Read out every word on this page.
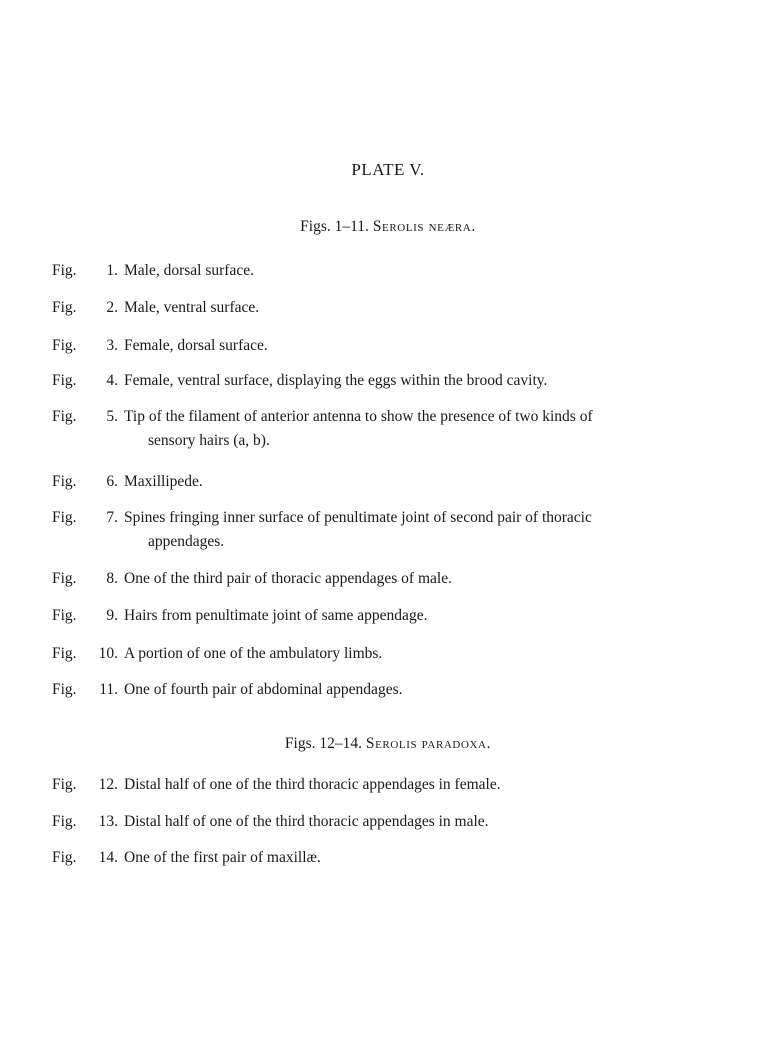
PLATE V.
Figs. 1–11. Serolis neæra.
Fig. 1. Male, dorsal surface.
Fig. 2. Male, ventral surface.
Fig. 3. Female, dorsal surface.
Fig. 4. Female, ventral surface, displaying the eggs within the brood cavity.
Fig. 5. Tip of the filament of anterior antenna to show the presence of two kinds of
sensory hairs (a, b).
Fig. 6. Maxillipede.
Fig. 7. Spines fringing inner surface of penultimate joint of second pair of thoracic
appendages.
Fig. 8. One of the third pair of thoracic appendages of male.
Fig. 9. Hairs from penultimate joint of same appendage.
Fig. 10. A portion of one of the ambulatory limbs.
Fig. 11. One of fourth pair of abdominal appendages.
Figs. 12–14. Serolis paradoxa.
Fig. 12. Distal half of one of the third thoracic appendages in female.
Fig. 13. Distal half of one of the third thoracic appendages in male.
Fig. 14. One of the first pair of maxillæ.
